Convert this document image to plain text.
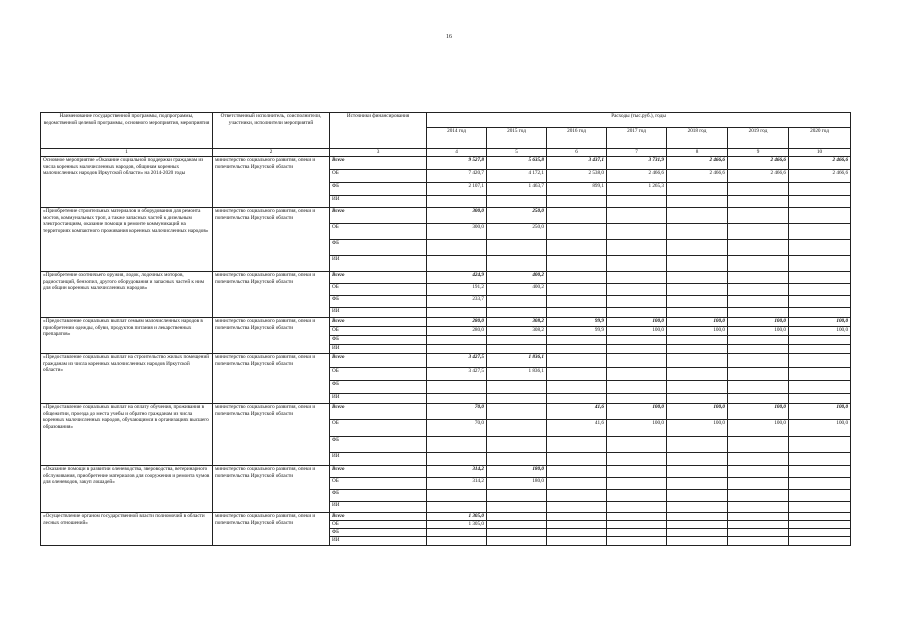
16
Наименование государственной программы, подпрограммы, ведомственной целевой программы, основного мероприятия, мероприятия	Ответственный исполнитель, соисполнители, участники, исполнители мероприятий	Источники финансирования	Расходы (тыс.руб.), годы						
			2014 год	2015 год	2016 год	2017 год	2018 год	2019 год	2020 год
1	2	3	4	5	6	7	8	9	10
Основное мероприятие «Оказание социальной поддержки гражданам из числа коренных малочисленных народов, общинам коренных малочисленных народов Иркутской области» на 2014-2020 годы	министерство социального развития, опеки и попечительства Иркутской области	Всего	9 527,8	5 635,8	3 437,1	3 731,9	2 466,6	2 466,6	2 466,6
		ОБ	7 420,7	4 172,1	2 538,0	2 466,6	2 466,6	2 466,6	2 466,6
		ФБ	2 107,1	1 463,7	899,1	1 265,3			
		ИИ							
«Приобретение строительных материалов и оборудования для ремонта мостов, коммунальных троп, а также запасных частей к дизельным электростанциям, оказание помощи в ремонте коммуникаций на территориях компактного проживания коренных малочисленных народов»	министерство социального развития, опеки и попечительства Иркутской области	Всего	300,0	250,0					
		ОБ	300,0	250,0					
		ФБ							
		ИИ							
«Приобретение охотничьего оружия, лодок, лодочных моторов, радиостанций, бензопил, другого оборудования и запасных частей к ним для общин коренных малочисленных народов»	министерство социального развития, опеки и попечительства Иркутской области	Всего	424,9	400,2					
		ОБ	191,2	400,2					
		ФБ	233,7						
		ИИ							
«Предоставление социальных выплат семьям малочисленных народов в приобретении одежды, обуви, продуктов питания и лекарственных препаратов»	министерство социального развития, опеки и попечительства Иркутской области	Всего	280,0	308,2	99,9	100,0	100,0	100,0	100,0
		ОБ	280,0	308,2	99,9	100,0	100,0	100,0	100,0
		ФБ							
		ИИ							
«Предоставление социальных выплат на строительство жилых помещений гражданам из числа коренных малочисленных народов Иркутской области»	министерство социального развития, опеки и попечительства Иркутской области	Всего	3 427,5	1 836,1					
		ОБ	3 427,5	1 836,1					
		ФБ							
		ИИ							
«Предоставление социальных выплат на оплату обучения, проживания в общежитии, проезда до места учебы и обратно гражданам из числа коренных малочисленных народов, обучающимся в организациях высшего образования»	министерство социального развития, опеки и попечительства Иркутской области	Всего	70,0		41,6	100,0	100,0	100,0	100,0
		ОБ	70,0		41,6	100,0	100,0	100,0	100,0
		ФБ							
		ИИ							
«Оказание помощи в развитии оленеводства, звероводства, ветеринарного обслуживания, приобретение материалов для сооружения и ремонта чумов для оленеводов, закуп лошадей»	министерство социального развития, опеки и попечительства Иркутской области	Всего	314,2	180,0					
		ОБ	314,2	180,0					
		ФБ							
		ИИ							
«Осуществление органом государственной власти полномочий в области лесных отношений»	министерство социального развития, опеки и попечительства Иркутской области	Всего	1 305,0						
		ОБ	1 305,0						
		ФБ							
		ИИ							
